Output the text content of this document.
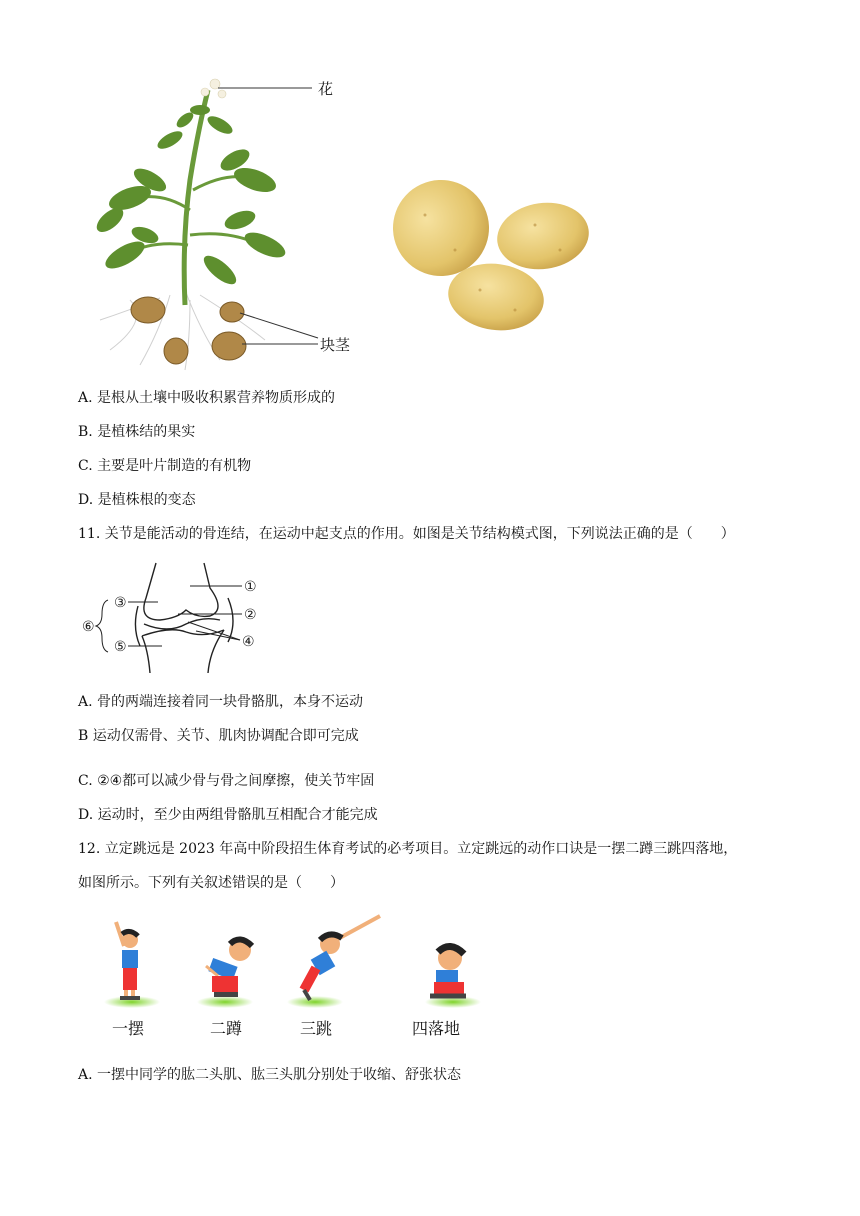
花
块茎
A. 是根从土壤中吸收积累营养物质形成的
B. 是植株结的果实
C. 主要是叶片制造的有机物
D. 是植株根的变态
11. 关节是能活动的骨连结，在运动中起支点的作用。如图是关节结构模式图，下列说法正确的是（　　）
①
②
③
④
⑤
⑥
A. 骨的两端连接着同一块骨骼肌，本身不运动
B 运动仅需骨、关节、肌肉协调配合即可完成
C. ②④都可以减少骨与骨之间摩擦，使关节牢固
D. 运动时，至少由两组骨骼肌互相配合才能完成
12. 立定跳远是 2023 年高中阶段招生体育考试的必考项目。立定跳远的动作口诀是一摆二蹲三跳四落地，
如图所示。下列有关叙述错误的是（　　）
一摆	二蹲	三跳	四落地
A. 一摆中同学的肱二头肌、肱三头肌分别处于收缩、舒张状态
